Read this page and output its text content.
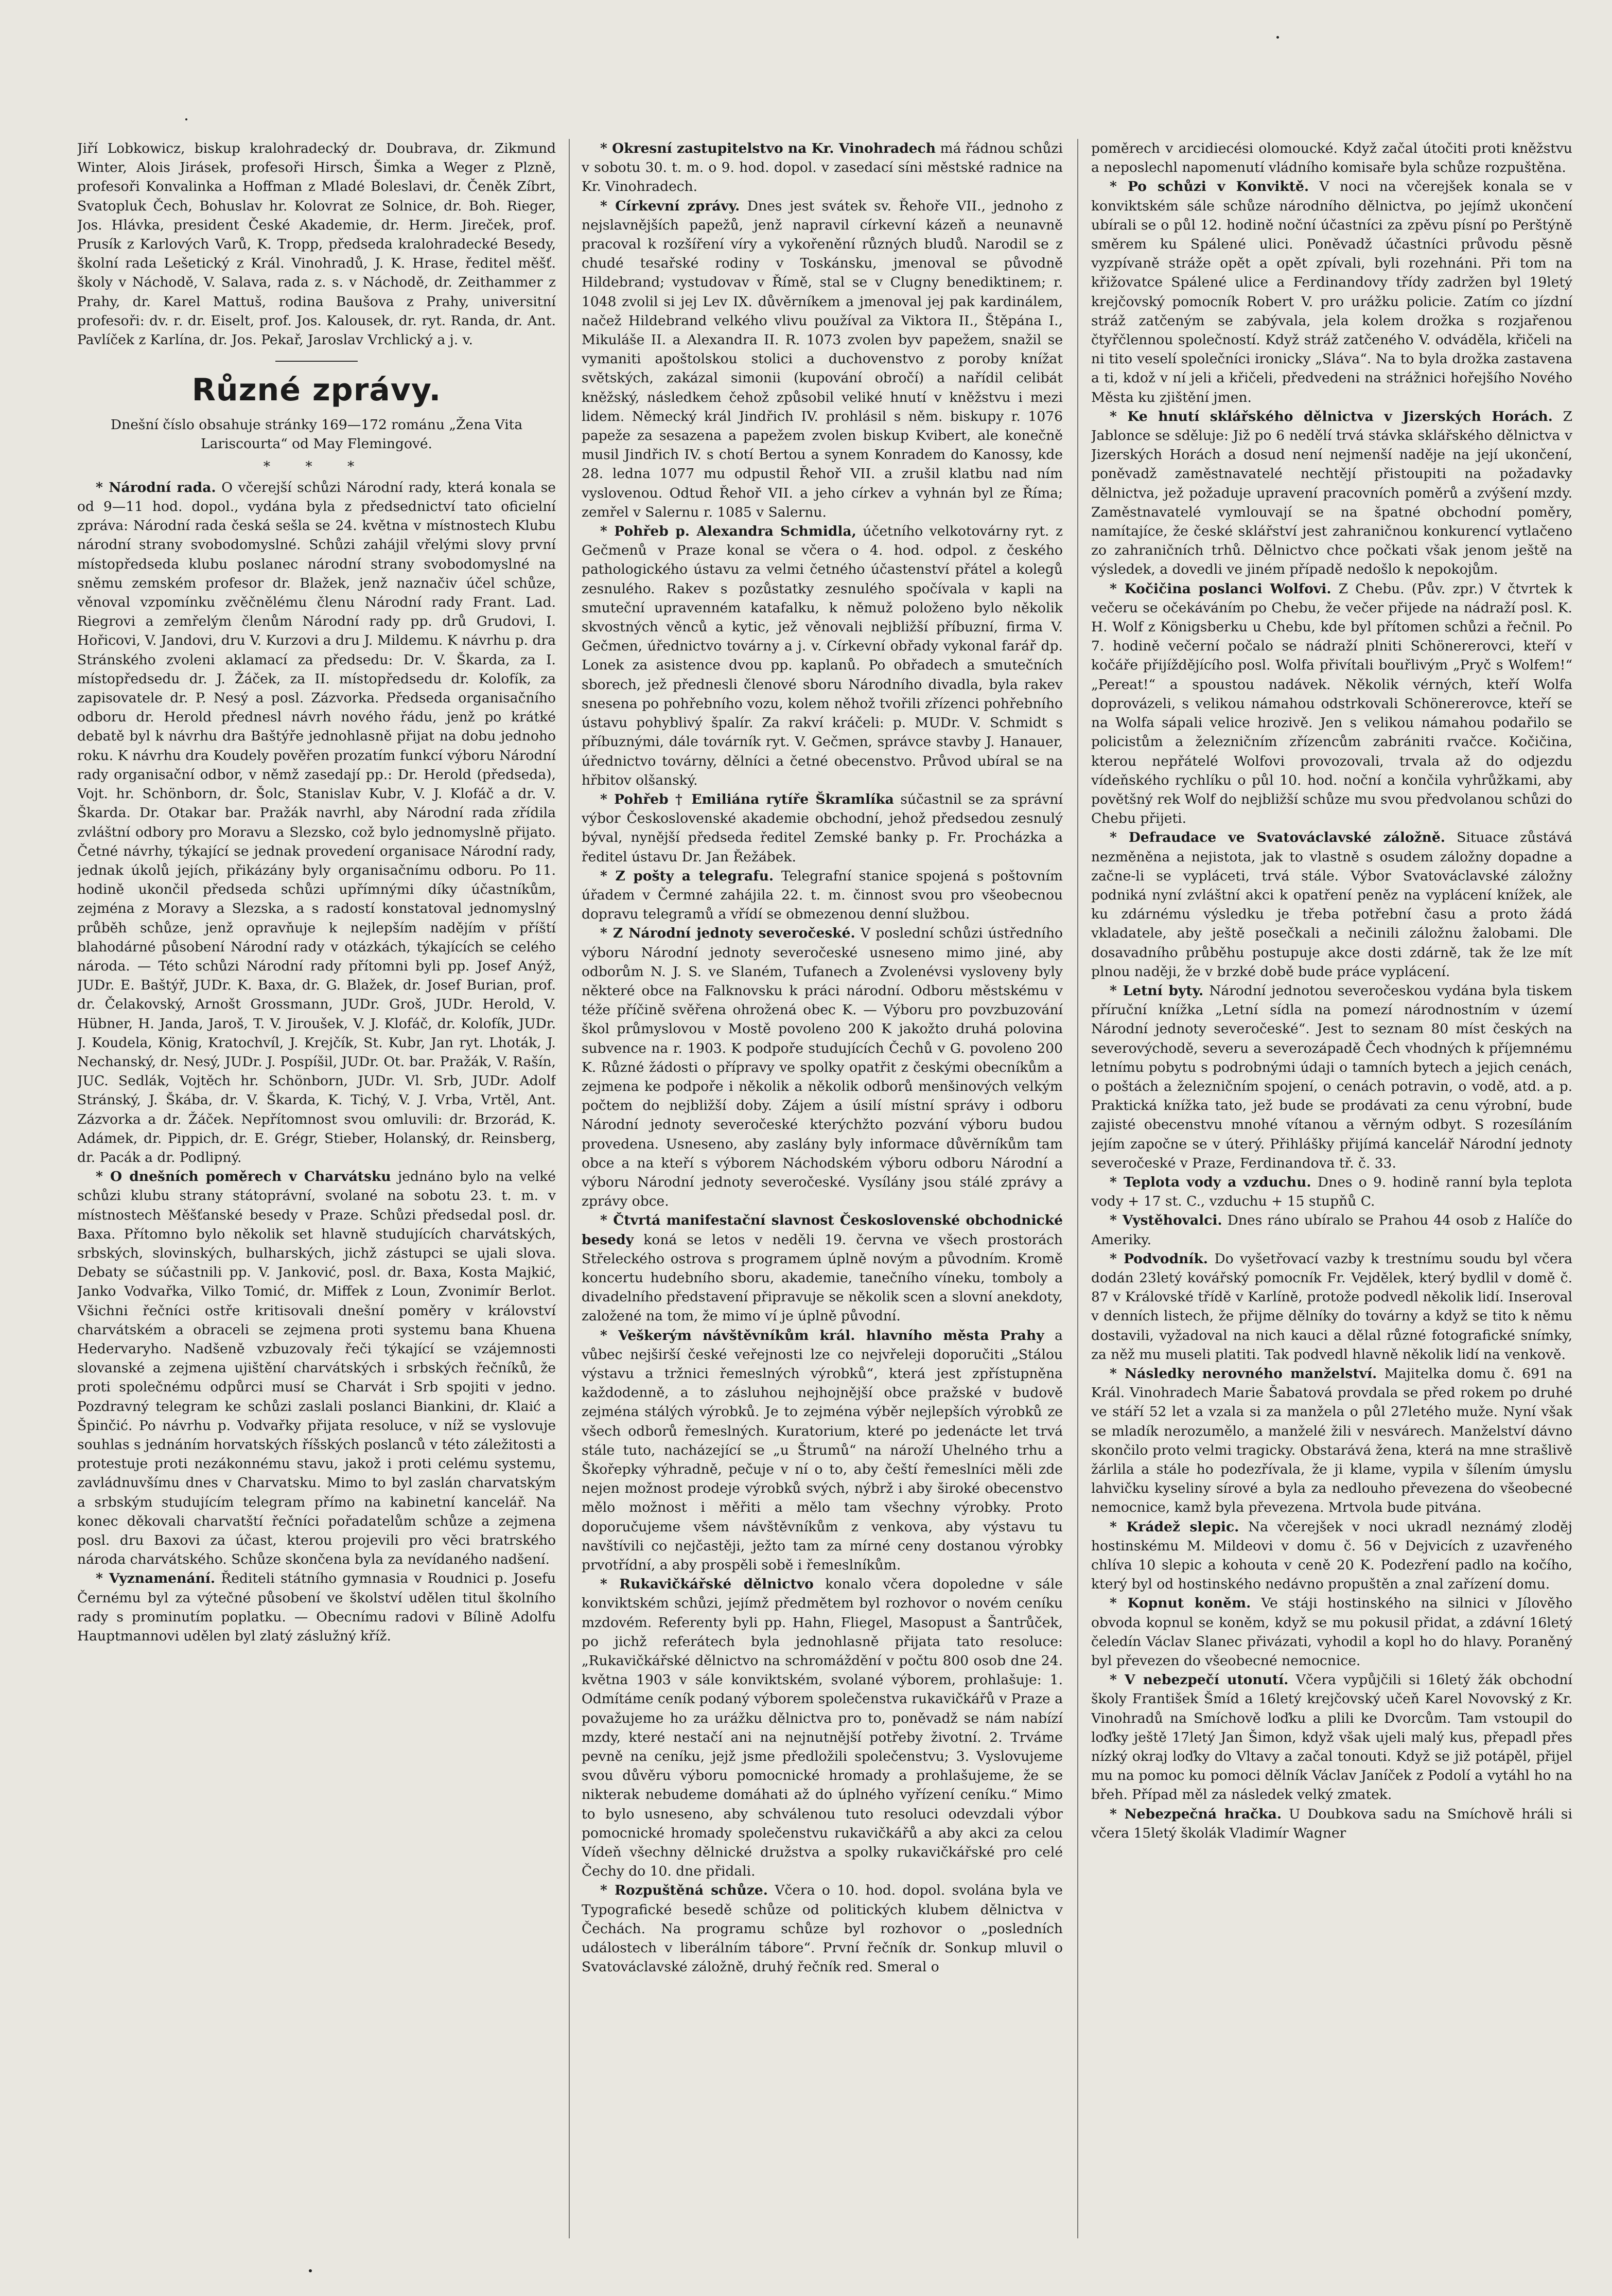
Jiří Lobkowicz, biskup kralohradecký dr. Doubrava, dr. Zikmund Winter, Alois Jirásek, profesoři Hirsch, Šimka a Weger z Plzně, profesoři Konvalinka a Hoffman z Mladé Boleslavi, dr. Čeněk Zíbrt, Svatopluk Čech, Bohuslav hr. Kolovrat ze Solnice, dr. Boh. Rieger, Jos. Hlávka, president České Akademie, dr. Herm. Jireček, prof. Prusík z Karlových Varů, K. Tropp, předseda kralohradecké Besedy, školní rada Lešetický z Král. Vinohradů, J. K. Hrase, ředitel měšť. školy v Náchodě, V. Salava, rada z. s. v Náchodě, dr. Zeithammer z Prahy, dr. Karel Mattuš, rodina Baušova z Prahy, universitní profesoři: dv. r. dr. Eiselt, prof. Jos. Kalousek, dr. ryt. Randa, dr. Ant. Pavlíček z Karlína, dr. Jos. Pekař, Jaroslav Vrchlický a j. v.

Různé zprávy.

Dnešní číslo obsahuje stránky 169—172 románu „Žena Vita Lariscourta“ od May Flemingové.

* * *

* Národní rada. O včerejší schůzi Národní rady, která konala se od 9—11 hod. dopol., vydána byla z předsednictví tato oficielní zpráva: Národní rada česká sešla se 24. května v místnostech Klubu národní strany svobodomyslné. Schůzi zahájil vřelými slovy první místopředseda klubu poslanec národní strany svobodomyslné na sněmu zemském profesor dr. Blažek, jenž naznačiv účel schůze, věnoval vzpomínku zvěčnělému členu Národní rady Frant. Lad. Riegrovi a zemřelým členům Národní rady pp. drů Grudovi, I. Hořicovi, V. Jandovi, dru V. Kurzovi a dru J. Mildemu. K návrhu p. dra Stránského zvoleni aklamací za předsedu: Dr. V. Škarda, za I. místopředsedu dr. J. Žáček, za II. místopředsedu dr. Kolofík, za zapisovatele dr. P. Nesý a posl. Zázvorka. Předseda organisačního odboru dr. Herold přednesl návrh nového řádu, jenž po krátké debatě byl k návrhu dra Baštýře jednohlasně přijat na dobu jednoho roku. K návrhu dra Koudely pověřen prozatím funkcí výboru Národní rady organisační odbor, v němž zasedají pp.: Dr. Herold (předseda), Vojt. hr. Schönborn, dr. Šolc, Stanislav Kubr, V. J. Klofáč a dr. V. Škarda. Dr. Otakar bar. Pražák navrhl, aby Národní rada zřídila zvláštní odbory pro Moravu a Slezsko, což bylo jednomyslně přijato. Četné návrhy, týkající se jednak provedení organisace Národní rady, jednak úkolů jejích, přikázány byly organisačnímu odboru. Po 11. hodině ukončil předseda schůzi upřímnými díky účastníkům, zejména z Moravy a Slezska, a s radostí konstatoval jednomyslný průběh schůze, jenž opravňuje k nejlepším nadějím v příští blahodárné působení Národní rady v otázkách, týkajících se celého národa. — Této schůzi Národní rady přítomni byli pp. Josef Anýž, JUDr. E. Baštýř, JUDr. K. Baxa, dr. G. Blažek, dr. Josef Burian, prof. dr. Čelakovský, Arnošt Grossmann, JUDr. Groš, JUDr. Herold, V. Hübner, H. Janda, Jaroš, T. V. Jiroušek, V. J. Klofáč, dr. Kolofík, JUDr. J. Koudela, König, Kratochvíl, J. Krejčík, St. Kubr, Jan ryt. Lhoták, J. Nechanský, dr. Nesý, JUDr. J. Pospíšil, JUDr. Ot. bar. Pražák, V. Rašín, JUC. Sedlák, Vojtěch hr. Schönborn, JUDr. Vl. Srb, JUDr. Adolf Stránský, J. Škába, dr. V. Škarda, K. Tichý, V. J. Vrba, Vrtěl, Ant. Zázvorka a dr. Žáček. Nepřítomnost svou omluvili: dr. Brzorád, K. Adámek, dr. Pippich, dr. E. Grégr, Stieber, Holanský, dr. Reinsberg, dr. Pacák a dr. Podlipný.

* O dnešních poměrech v Charvátsku jednáno bylo na velké schůzi klubu strany státoprávní, svolané na sobotu 23. t. m. v místnostech Měšťanské besedy v Praze. Schůzi předsedal posl. dr. Baxa. Přítomno bylo několik set hlavně studujících charvátských, srbských, slovinských, bulharských, jichž zástupci se ujali slova. Debaty se súčastnili pp. V. Janković, posl. dr. Baxa, Kosta Majkić, Janko Vodvařka, Vilko Tomić, dr. Miffek z Loun, Zvonimír Berlot. Všichni řečníci ostře kritisovali dnešní poměry v království charvátském a obraceli se zejmena proti systemu bana Khuena Hedervaryho. Nadšeně vzbuzovaly řeči týkající se vzájemnosti slovanské a zejmena ujištění charvátských i srbských řečníků, že proti společnému odpůrci musí se Charvát i Srb spojiti v jedno. Pozdravný telegram ke schůzi zaslali poslanci Biankini, dr. Klaić a Špinčić. Po návrhu p. Vodvařky přijata resoluce, v níž se vyslovuje souhlas s jednáním horvatských říšských poslanců v této záležitosti a protestuje proti nezákonnému stavu, jakož i proti celému systemu, zavládnuvšímu dnes v Charvatsku. Mimo to byl zaslán charvatským a srbským studujícím telegram přímo na kabinetní kancelář. Na konec děkovali charvatští řečníci pořadatelům schůze a zejmena posl. dru Baxovi za účast, kterou projevili pro věci bratrského národa charvátského. Schůze skončena byla za nevídaného nadšení.

* Vyznamenání. Řediteli státního gymnasia v Roudnici p. Josefu Černému byl za výtečné působení ve školství udělen titul školního rady s prominutím poplatku. — Obecnímu radovi v Bílině Adolfu Hauptmannovi udělen byl zlatý záslužný kříž.

* Okresní zastupitelstvo na Kr. Vinohradech má řádnou schůzi v sobotu 30. t. m. o 9. hod. dopol. v zasedací síni městské radnice na Kr. Vinohradech.

* Církevní zprávy. Dnes jest svátek sv. Řehoře VII., jednoho z nejslavnějších papežů, jenž napravil církevní kázeň a neunavně pracoval k rozšíření víry a vykořenění různých bludů. Narodil se z chudé tesařské rodiny v Toskánsku, jmenoval se původně Hildebrand; vystudovav v Římě, stal se v Clugny benediktinem; r. 1048 zvolil si jej Lev IX. důvěrníkem a jmenoval jej pak kardinálem, načež Hildebrand velkého vlivu používal za Viktora II., Štěpána I., Mikuláše II. a Alexandra II. R. 1073 zvolen byv papežem, snažil se vymaniti apoštolskou stolici a duchovenstvo z poroby knížat světských, zakázal simonii (kupování obročí) a nařídil celibát kněžský, následkem čehož způsobil veliké hnutí v kněžstvu i mezi lidem. Německý král Jindřich IV. prohlásil s něm. biskupy r. 1076 papeže za sesazena a papežem zvolen biskup Kvibert, ale konečně musil Jindřich IV. s chotí Bertou a synem Konradem do Kanossy, kde 28. ledna 1077 mu odpustil Řehoř VII. a zrušil klatbu nad ním vyslovenou. Odtud Řehoř VII. a jeho církev a vyhnán byl ze Říma; zemřel v Salernu r. 1085 v Salernu.

* Pohřeb p. Alexandra Schmidla, účetního velkotovárny ryt. z Gečmenů v Praze konal se včera o 4. hod. odpol. z českého pathologického ústavu za velmi četného účastenství přátel a kolegů zesnulého. Rakev s pozůstatky zesnulého spočívala v kapli na smuteční upravenném katafalku, k němuž položeno bylo několik skvostných věnců a kytic, jež věnovali nejbližší příbuzní, firma V. Gečmen, úřednictvo továrny a j. v. Církevní obřady vykonal farář dp. Lonek za asistence dvou pp. kaplanů. Po obřadech a smutečních sborech, jež přednesli členové sboru Národního divadla, byla rakev snesena po pohřebního vozu, kolem něhož tvořili zřízenci pohřebního ústavu pohyblivý špalír. Za rakví kráčeli: p. MUDr. V. Schmidt s příbuznými, dále továrník ryt. V. Gečmen, správce stavby J. Hanauer, úřednictvo továrny, dělníci a četné obecenstvo. Průvod ubíral se na hřbitov olšanský.

* Pohřeb † Emiliána rytíře Škramlíka súčastnil se za správní výbor Československé akademie obchodní, jehož předsedou zesnulý býval, nynější předseda ředitel Zemské banky p. Fr. Procházka a ředitel ústavu Dr. Jan Řežábek.

* Z pošty a telegrafu. Telegrafní stanice spojená s poštovním úřadem v Čermné zahájila 22. t. m. činnost svou pro všeobecnou dopravu telegramů a vřídí se obmezenou denní službou.

* Z Národní jednoty severočeské. V poslední schůzi ústředního výboru Národní jednoty severočeské usneseno mimo jiné, aby odborům N. J. S. ve Slaném, Tufanech a Zvolenévsi vysloveny byly některé obce na Falknovsku k práci národní. Odboru městskému v téže příčině svěřena ohrožená obec K. — Výboru pro povzbuzování škol průmyslovou v Mostě povoleno 200 K jakožto druhá polovina subvence na r. 1903. K podpoře studujících Čechů v G. povoleno 200 K. Různé žádosti o přípravy ve spolky opatřit z českými obecníkům a zejmena ke podpoře i několik a několik odborů menšinových velkým počtem do nejbližší doby. Zájem a úsilí místní správy i odboru Národní jednoty severočeské kterýchžto pozvání výboru budou provedena. Usneseno, aby zaslány byly informace důvěrníkům tam obce a na kteří s výborem Náchodském výboru odboru Národní a výboru Národní jednoty severočeské. Vysílány jsou stálé zprávy a zprávy obce.

* Čtvrtá manifestační slavnost Československé obchodnické besedy koná se letos v neděli 19. června ve všech prostorách Střeleckého ostrova s programem úplně novým a původním. Kromě koncertu hudebního sboru, akademie, tanečního víneku, tomboly a divadelního představení připravuje se několik scen a slovní anekdoty, založené na tom, že mimo ví je úplně původní.

* Veškerým návštěvníkům král. hlavního města Prahy a vůbec nejširší české veřejnosti lze co nejvřeleji doporučiti „Stálou výstavu a tržnici řemeslných výrobků“, která jest zpřístupněna každodenně, a to zásluhou nejhojnější obce pražské v budově zejména stálých výrobků. Je to zejména výběr nejlepších výrobků ze všech odborů řemeslných. Kuratorium, které po jedenácte let trvá stále tuto, nacházející se „u Štrumů“ na nároží Uhelného trhu a Škořepky výhradně, pečuje v ní o to, aby čeští řemeslníci měli zde nejen možnost prodeje výrobků svých, nýbrž i aby široké obecenstvo mělo možnost i měřiti a mělo tam všechny výrobky. Proto doporučujeme všem návštěvníkům z venkova, aby výstavu tu navštívili co nejčastěji, ježto tam za mírné ceny dostanou výrobky prvotřídní, a aby prospěli sobě i řemeslníkům.

* Rukavičkářské dělnictvo konalo včera dopoledne v sále konviktském schůzi, jejímž předmětem byl rozhovor o novém ceníku mzdovém. Referenty byli pp. Hahn, Fliegel, Masopust a Šantrůček, po jichž referátech byla jednohlasně přijata tato resoluce: „Rukavičkářské dělnictvo na schromáždění v počtu 800 osob dne 24. května 1903 v sále konviktském, svolané výborem, prohlašuje: 1. Odmítáme ceník podaný výborem společenstva rukavičkářů v Praze a považujeme ho za urážku dělnictva pro to, poněvadž se nám nabízí mzdy, které nestačí ani na nejnutnější potřeby životní. 2. Trváme pevně na ceníku, jejž jsme předložili společenstvu; 3. Vyslovujeme svou důvěru výboru pomocnické hromady a prohlašujeme, že se nikterak nebudeme domáhati až do úplného vyřízení ceníku.“ Mimo to bylo usneseno, aby schválenou tuto resoluci odevzdali výbor pomocnické hromady společenstvu rukavičkářů a aby akci za celou Vídeň všechny dělnické družstva a spolky rukavičkářské pro celé Čechy do 10. dne přidali.

* Rozpuštěná schůze. Včera o 10. hod. dopol. svolána byla ve Typografické besedě schůze od politických klubem dělnictva v Čechách. Na programu schůze byl rozhovor o „posledních událostech v liberálním tábore“. První řečník dr. Sonkup mluvil o Svatováclavské záložně, druhý řečník red. Smeral o

poměrech v arcidiecési olomoucké. Když začal útočiti proti kněžstvu a neposlechl napomenutí vládního komisaře byla schůze rozpuštěna.

* Po schůzi v Konviktě. V noci na včerejšek konala se v konviktském sále schůze národního dělnictva, po jejímž ukončení ubírali se o půl 12. hodině noční účastníci za zpěvu písní po Perštýně směrem ku Spálené ulici. Poněvadž účastníci průvodu pěsně vyzpívaně stráže opět a opět zpívali, byli rozehnáni. Při tom na křižovatce Spálené ulice a Ferdinandovy třídy zadržen byl 19letý krejčovský pomocník Robert V. pro urážku policie. Zatím co jízdní stráž zatčeným se zabývala, jela kolem drožka s rozjařenou čtyřčlennou společností. Když stráž zatčeného V. odváděla, křičeli na ni tito veselí společníci ironicky „Sláva“. Na to byla drožka zastavena a ti, kdož v ní jeli a křičeli, předvedeni na strážnici hořejšího Nového Města ku zjištění jmen.

* Ke hnutí sklářského dělnictva v Jizerských Horách. Z Jablonce se sděluje: Již po 6 nedělí trvá stávka sklářského dělnictva v Jizerských Horách a dosud není nejmenší naděje na její ukončení, poněvadž zaměstnavatelé nechtějí přistoupiti na požadavky dělnictva, jež požaduje upravení pracovních poměrů a zvýšení mzdy. Zaměstnavatelé vymlouvají se na špatné obchodní poměry, namítajíce, že české sklářství jest zahraničnou konkurencí vytlačeno zo zahraničních trhů. Dělnictvo chce počkati však jenom ještě na výsledek, a dovedli ve jiném případě nedošlo k nepokojům.

* Kočičina poslanci Wolfovi. Z Chebu. (Pův. zpr.) V čtvrtek k večeru se očekáváním po Chebu, že večer přijede na nádraží posl. K. H. Wolf z Königsberku u Chebu, kde byl přítomen schůzi a řečnil. Po 7. hodině večerní počalo se nádraží plniti Schönererovci, kteří v kočáře přijíždějícího posl. Wolfa přivítali bouřlivým „Pryč s Wolfem!“ „Pereat!“ a spoustou nadávek. Několik vérných, kteří Wolfa doprovázeli, s velikou námahou odstrkovali Schönererovce, kteří se na Wolfa sápali velice hrozivě. Jen s velikou námahou podařilo se policistům a železničním zřízencům zabrániti rvačce. Kočičina, kterou nepřátelé Wolfovi provozovali, trvala až do odjezdu vídeňského rychlíku o půl 10. hod. noční a končila vyhrůžkami, aby povětšný rek Wolf do nejbližší schůze mu svou předvolanou schůzi do Chebu přijeti.

* Defraudace ve Svatováclavské záložně. Situace zůstává nezměněna a nejistota, jak to vlastně s osudem záložny dopadne a začne-li se vypláceti, trvá stále. Výbor Svatováclavské záložny podniká nyní zvláštní akci k opatření peněz na vyplácení knížek, ale ku zdárnému výsledku je třeba potřební času a proto žádá vkladatele, aby ještě posečkali a nečinili záložnu žalobami. Dle dosavadního průběhu postupuje akce dosti zdárně, tak že lze mít plnou naději, že v brzké době bude práce vyplácení.

* Letní byty. Národní jednotou severočeskou vydána byla tiskem příruční knížka „Letní sídla na pomezí národnostním v území Národní jednoty severočeské“. Jest to seznam 80 míst českých na severovýchodě, severu a severozápadě Čech vhodných k příjemnému letnímu pobytu s podrobnými údaji o tamních bytech a jejich cenách, o poštách a železničním spojení, o cenách potravin, o vodě, atd. a p. Praktická knížka tato, jež bude se prodávati za cenu výrobní, bude zajisté obecenstvu mnohé vítanou a věrným odbyt. S rozesíláním jejím započne se v úterý. Přihlášky přijímá kancelář Národní jednoty severočeské v Praze, Ferdinandova tř. č. 33.

* Teplota vody a vzduchu. Dnes o 9. hodině ranní byla teplota vody + 17 st. C., vzduchu + 15 stupňů C.

* Vystěhovalci. Dnes ráno ubíralo se Prahou 44 osob z Halíče do Ameriky.

* Podvodník. Do vyšetřovací vazby k trestnímu soudu byl včera dodán 23letý kovářský pomocník Fr. Vejdělek, který bydlil v domě č. 87 v Královské třídě v Karlíně, protože podvedl několik lidí. Inseroval v denních listech, že přijme dělníky do továrny a když se tito k němu dostavili, vyžadoval na nich kauci a dělal různé fotografické snímky, za něž mu museli platiti. Tak podvedl hlavně několik lidí na venkově.

* Následky nerovného manželství. Majitelka domu č. 691 na Král. Vinohradech Marie Šabatová provdala se před rokem po druhé ve stáří 52 let a vzala si za manžela o půl 27letého muže. Nyní však se mladík nerozumělo, a manželé žili v nesvárech. Manželství dávno skončilo proto velmi tragicky. Obstarává žena, která na mne strašlivě žárlila a stále ho podezřívala, že ji klame, vypila v šílením úmyslu lahvičku kyseliny sírové a byla za nedlouho převezena do všeobecné nemocnice, kamž byla převezena. Mrtvola bude pitvána.

* Krádež slepic. Na včerejšek v noci ukradl neznámý zloděj hostinskému M. Mildeovi v domu č. 56 v Dejvicích z uzavřeného chlíva 10 slepic a kohouta v ceně 20 K. Podezření padlo na kočího, který byl od hostinského nedávno propuštěn a znal zařízení domu.

* Kopnut koněm. Ve stáji hostinského na silnici v Jílověho obvoda kopnul se koněm, když se mu pokusil přidat, a zdávní 16letý čeledín Václav Slanec přivázati, vyhodil a kopl ho do hlavy. Poraněný byl převezen do všeobecné nemocnice.

* V nebezpečí utonutí. Včera vypůjčili si 16letý žák obchodní školy František Šmíd a 16letý krejčovský učeň Karel Novovský z Kr. Vinohradů na Smíchově loďku a plili ke Dvorcům. Tam vstoupil do loďky ještě 17letý Jan Šimon, když však ujeli malý kus, přepadl přes nízký okraj loďky do Vltavy a začal tonouti. Když se již potápěl, přijel mu na pomoc ku pomoci dělník Václav Janíček z Podolí a vytáhl ho na břeh. Případ měl za následek velký zmatek.

* Nebezpečná hračka. U Doubkova sadu na Smíchově hráli si včera 15letý školák Vladimír Wagner
